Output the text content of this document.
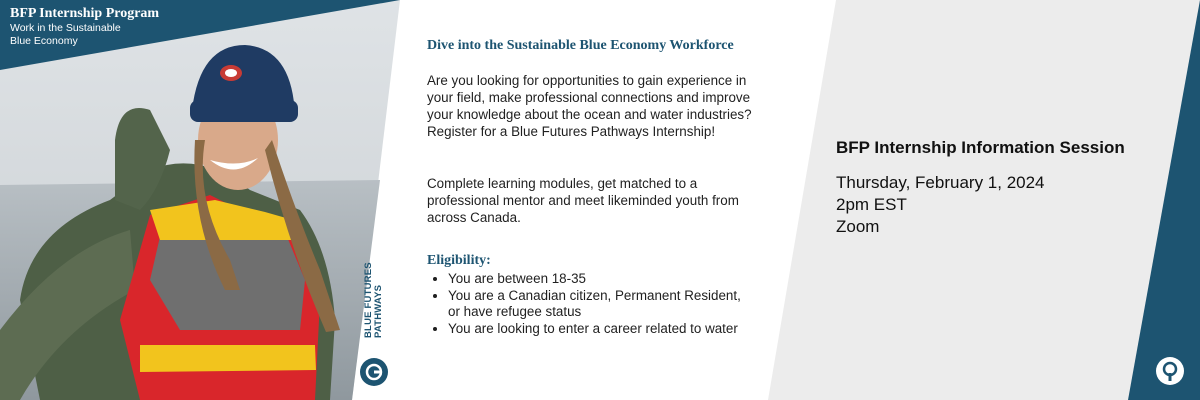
BFP Internship Program
Work in the Sustainable Blue Economy
BLUE FUTURES PATHWAYS
Dive into the Sustainable Blue Economy Workforce
Are you looking for opportunities to gain experience in your field, make professional connections and improve your knowledge about the ocean and water industries? Register for a Blue Futures Pathways Internship!
Complete learning modules, get matched to a professional mentor and meet likeminded youth from across Canada.
Eligibility:
• You are between 18-35
• You are a Canadian citizen, Permanent Resident, or have refugee status
• You are looking to enter a career related to water
BFP Internship Information Session
Thursday, February 1, 2024
2pm EST
Zoom
